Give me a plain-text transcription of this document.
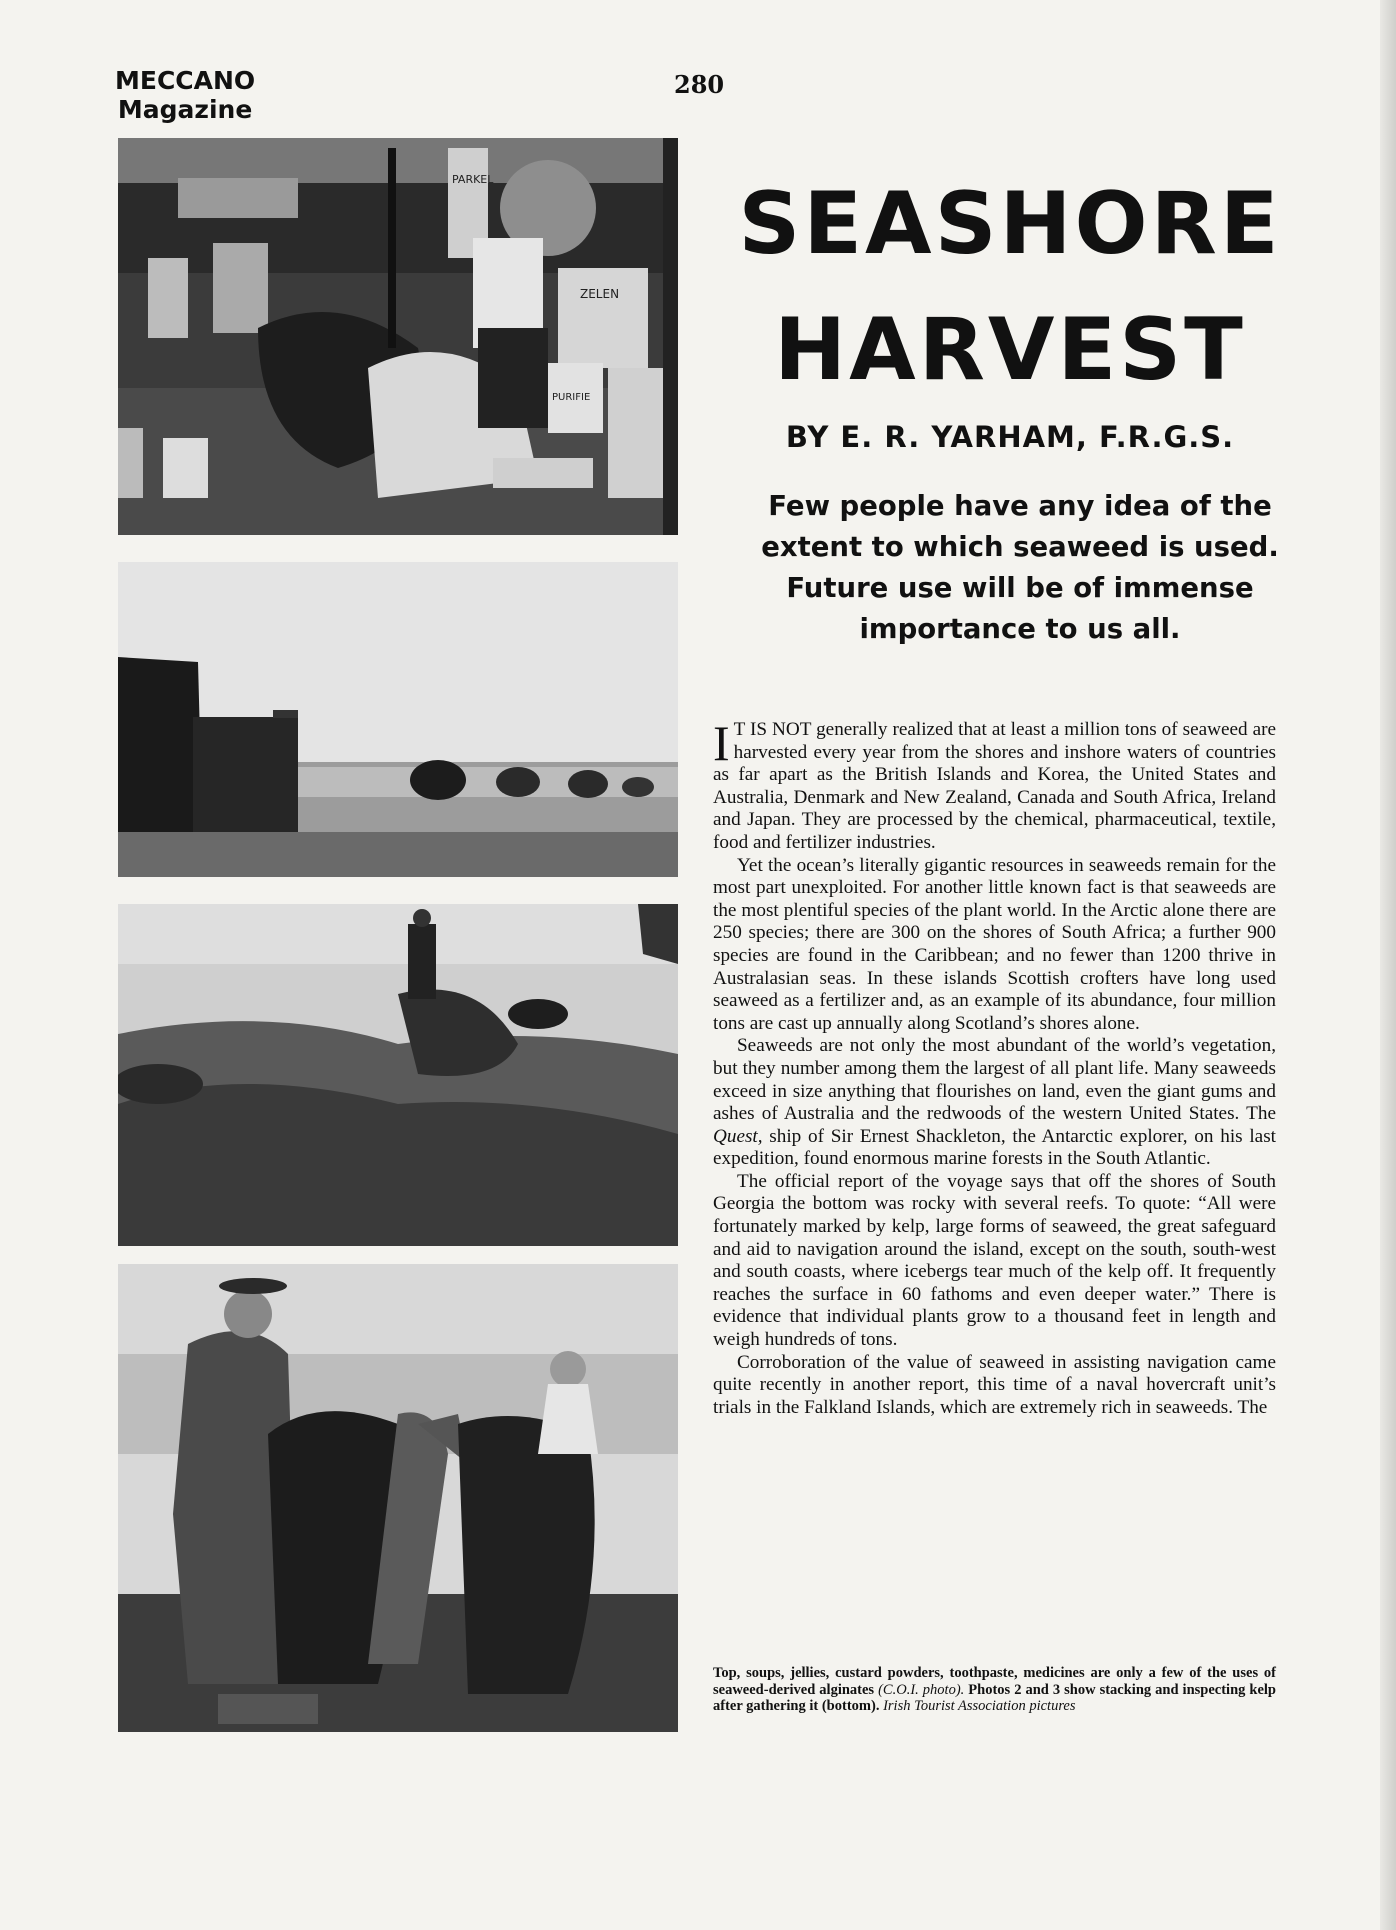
MECCANO
Magazine
280
PARKEL
ZELEN
PURIFIE
SEASHORE
HARVEST
BY E. R. YARHAM, F.R.G.S.
Few people have any idea of the extent to which seaweed is used. Future use will be of immense importance to us all.

I T IS NOT generally realized that at least a million tons of seaweed are harvested every year from the shores and inshore waters of countries as far apart as the British Islands and Korea, the United States and Australia, Denmark and New Zealand, Canada and South Africa, Ireland and Japan. They are processed by the chemical, pharmaceutical, textile, food and fertilizer industries.

Yet the ocean’s literally gigantic resources in seaweeds remain for the most part unexploited. For another little known fact is that seaweeds are the most plentiful species of the plant world. In the Arctic alone there are 250 species; there are 300 on the shores of South Africa; a further 900 species are found in the Caribbean; and no fewer than 1200 thrive in Australasian seas. In these islands Scottish crofters have long used seaweed as a fertilizer and, as an example of its abundance, four million tons are cast up annually along Scotland’s shores alone.

Seaweeds are not only the most abundant of the world’s vegetation, but they number among them the largest of all plant life. Many seaweeds exceed in size anything that flourishes on land, even the giant gums and ashes of Australia and the redwoods of the western United States. The Quest, ship of Sir Ernest Shackleton, the Antarctic explorer, on his last expedition, found enormous marine forests in the South Atlantic.

The official report of the voyage says that off the shores of South Georgia the bottom was rocky with several reefs. To quote: “All were fortunately marked by kelp, large forms of seaweed, the great safeguard and aid to navigation around the island, except on the south, south-west and south coasts, where icebergs tear much of the kelp off. It frequently reaches the surface in 60 fathoms and even deeper water.” There is evidence that individual plants grow to a thousand feet in length and weigh hundreds of tons.

Corroboration of the value of seaweed in assisting navigation came quite recently in another report, this time of a naval hovercraft unit’s trials in the Falkland Islands, which are extremely rich in seaweeds. The

Top, soups, jellies, custard powders, toothpaste, medicines are only a few of the uses of seaweed-derived alginates (C.O.I. photo). Photos 2 and 3 show stacking and inspecting kelp after gathering it (bottom). Irish Tourist Association pictures
